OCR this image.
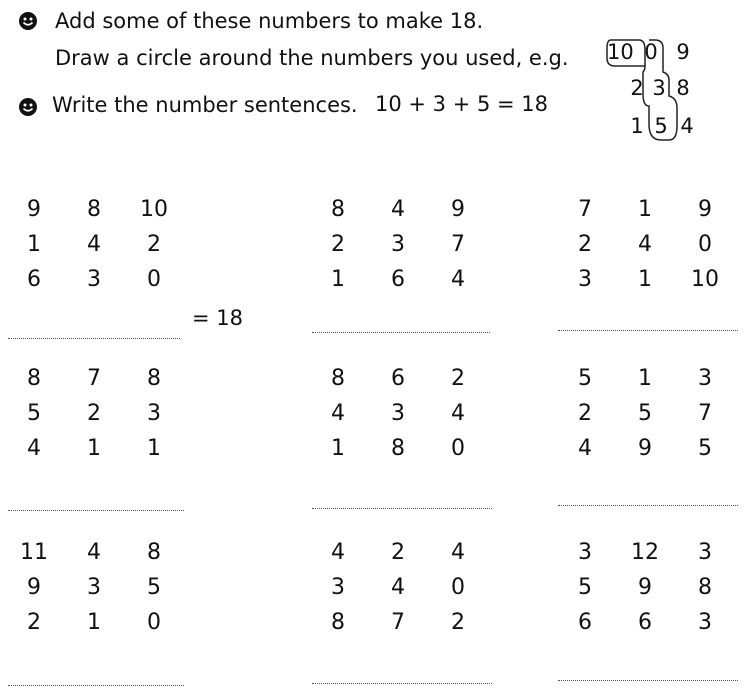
Add some of these numbers to make 18.
Draw a circle around the numbers you used, e.g.
Write the number sentences. 10 + 3 + 5 = 18
10 0 9
2 3 8
1 5 4
9	8	10
1	4	2
6	3	0
8	4	9
2	3	7
1	6	4
7	1	9
2	4	0
3	1	10
8	7	8
5	2	3
4	1	1
8	6	2
4	3	4
1	8	0
5	1	3
2	5	7
4	9	5
11	4	8
9	3	5
2	1	0
4	2	4
3	4	0
8	7	2
3	12	3
5	9	8
6	6	3
= 18
